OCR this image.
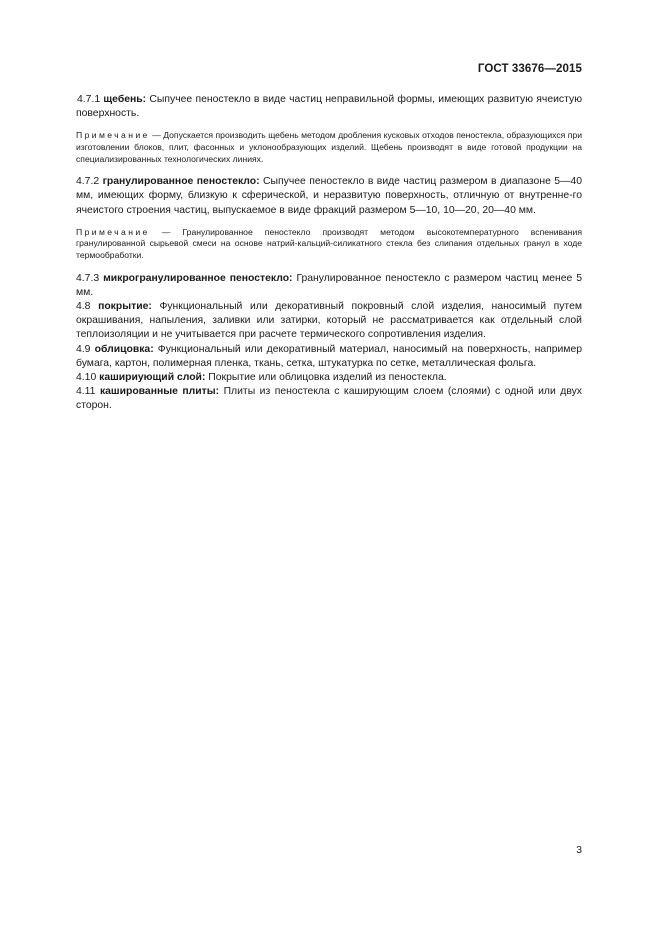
ГОСТ 33676—2015

4.7.1 щебень: Сыпучее пеностекло в виде частиц неправильной формы, имеющих развитую ячеистую поверхность.

Примечание — Допускается производить щебень методом дробления кусковых отходов пеностекла, образующихся при изготовлении блоков, плит, фасонных и уклонообразующих изделий. Щебень производят в виде готовой продукции на специализированных технологических линиях.

4.7.2 гранулированное пеностекло: Сыпучее пеностекло в виде частиц размером в диапазоне 5—40 мм, имеющих форму, близкую к сферической, и неразвитую поверхность, отличную от внутренне-го ячеистого строения частиц, выпускаемое в виде фракций размером 5—10, 10—20, 20—40 мм.

Примечание — Гранулированное пеностекло производят методом высокотемпературного вспенивания гранулированной сырьевой смеси на основе натрий-кальций-силикатного стекла без слипания отдельных гранул в ходе термообработки.

4.7.3 микрогранулированное пеностекло: Гранулированное пеностекло с размером частиц менее 5 мм.

4.8 покрытие: Функциональный или декоративный покровный слой изделия, наносимый путем окрашивания, напыления, заливки или затирки, который не рассматривается как отдельный слой теплоизоляции и не учитывается при расчете термического сопротивления изделия.

4.9 облицовка: Функциональный или декоративный материал, наносимый на поверхность, например бумага, картон, полимерная пленка, ткань, сетка, штукатурка по сетке, металлическая фольга.

4.10 кашириующий слой: Покрытие или облицовка изделий из пеностекла.

4.11 кашированные плиты: Плиты из пеностекла с каширующим слоем (слоями) с одной или двух сторон.

3
